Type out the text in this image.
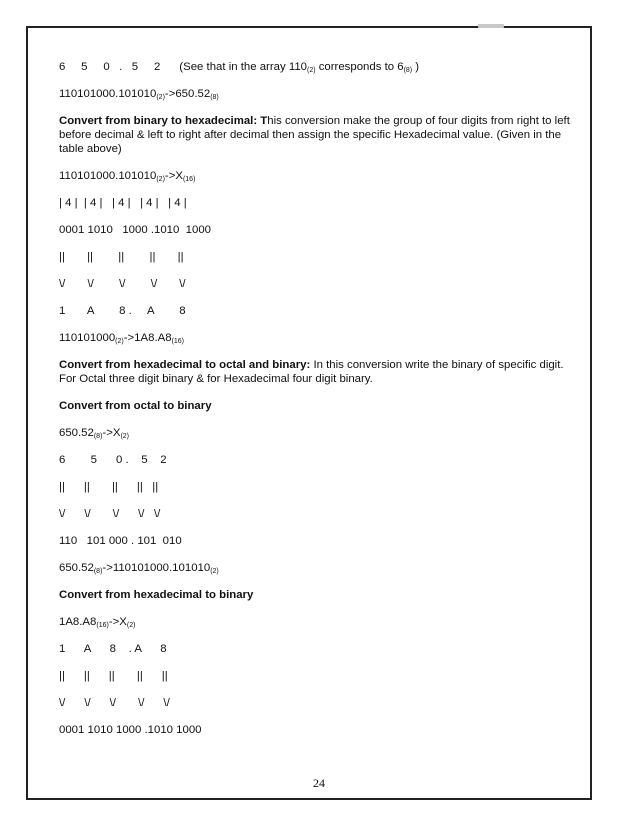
6     5     0   .   5     2      (See that in the array $110_{(2)}$ corresponds to $6_{(8)}$ )
$110101000.101010_{(2)}->650.52_{(8)}$
Convert from binary to hexadecimal: This conversion make the group of four digits from right to left before decimal & left to right after decimal then assign the specific Hexadecimal value. (Given in the table above)
$110101000.101010_{(2)}->X_{(16)}$
| 4 |  | 4 |   | 4 |   | 4 |   | 4 |
0001 1010   1000 .1010  1000
||       ||        ||        ||       ||
\/       \/        \/        \/       \/
1       A        8 .     A        8
$110101000_{(2)}->1A8.A8_{(16)}$
Convert from hexadecimal to octal and binary: In this conversion write the binary of specific digit. For Octal three digit binary & for Hexadecimal four digit binary.
Convert from octal to binary
$650.52_{(8)}->X_{(2)}$
6        5      0 .    5    2
||      ||       ||      ||   ||
\/      \/       \/      \/   \/
110   101 000 . 101  010
$650.52_{(8)}->110101000.101010_{(2)}$
Convert from hexadecimal to binary
$1A8.A8_{(16)}->X_{(2)}$
1      A      8    . A      8
||      ||      ||       ||      ||
\/      \/      \/       \/      \/
0001 1010 1000 .1010 1000
24
